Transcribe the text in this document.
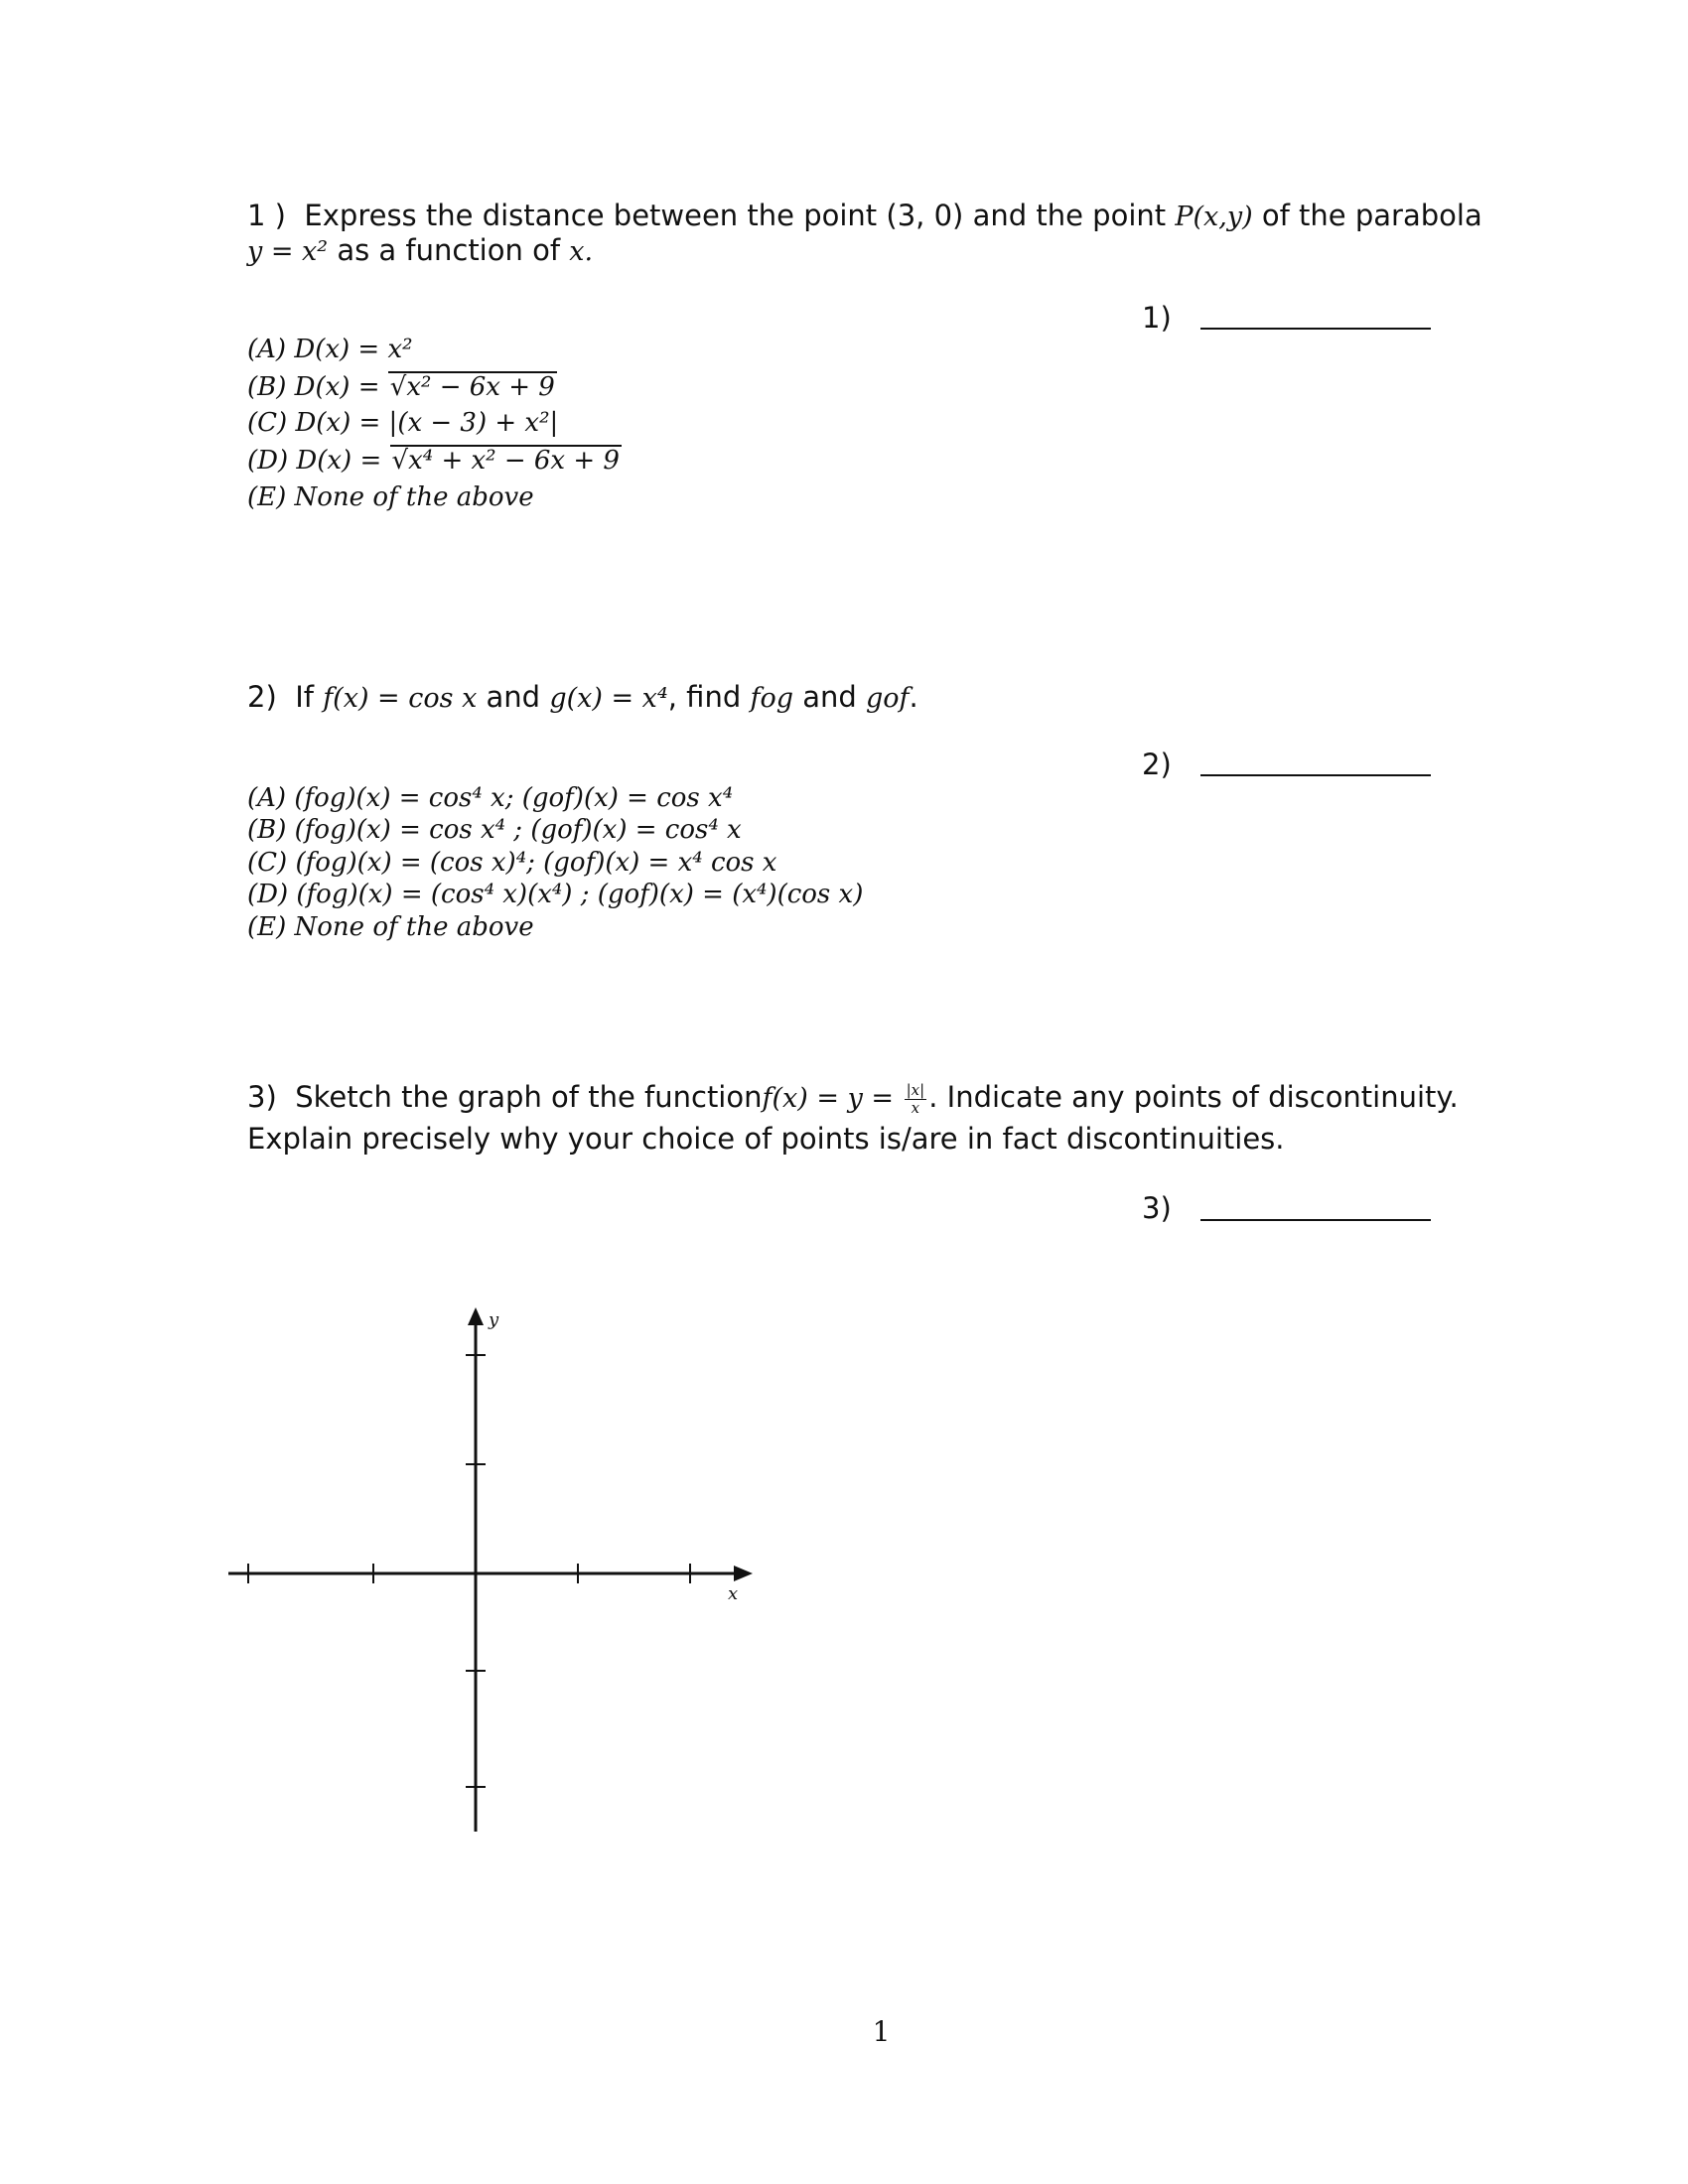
1 ) Express the distance between the point (3, 0) and the point P(x,y) of the parabola
y = x² as a function of x.
1)
(A) D(x) = x²
(B) D(x) = √x² − 6x + 9
(C) D(x) = |(x − 3) + x²|
(D) D(x) = √x⁴ + x² − 6x + 9
(E) None of the above
2) If f(x) = cos x and g(x) = x⁴, find fog and gof.
2)
(A) (fog)(x) = cos⁴ x; (gof)(x) = cos x⁴
(B) (fog)(x) = cos x⁴ ; (gof)(x) = cos⁴ x
(C) (fog)(x) = (cos x)⁴; (gof)(x) = x⁴ cos x
(D) (fog)(x) = (cos⁴ x)(x⁴) ; (gof)(x) = (x⁴)(cos x)
(E) None of the above
3) Sketch the graph of the functionf(x) = $y = \frac{|x|}{x}$ . Indicate any points of discontinuity.
Explain precisely why your choice of points is/are in fact discontinuities.
3)
y
x
1
